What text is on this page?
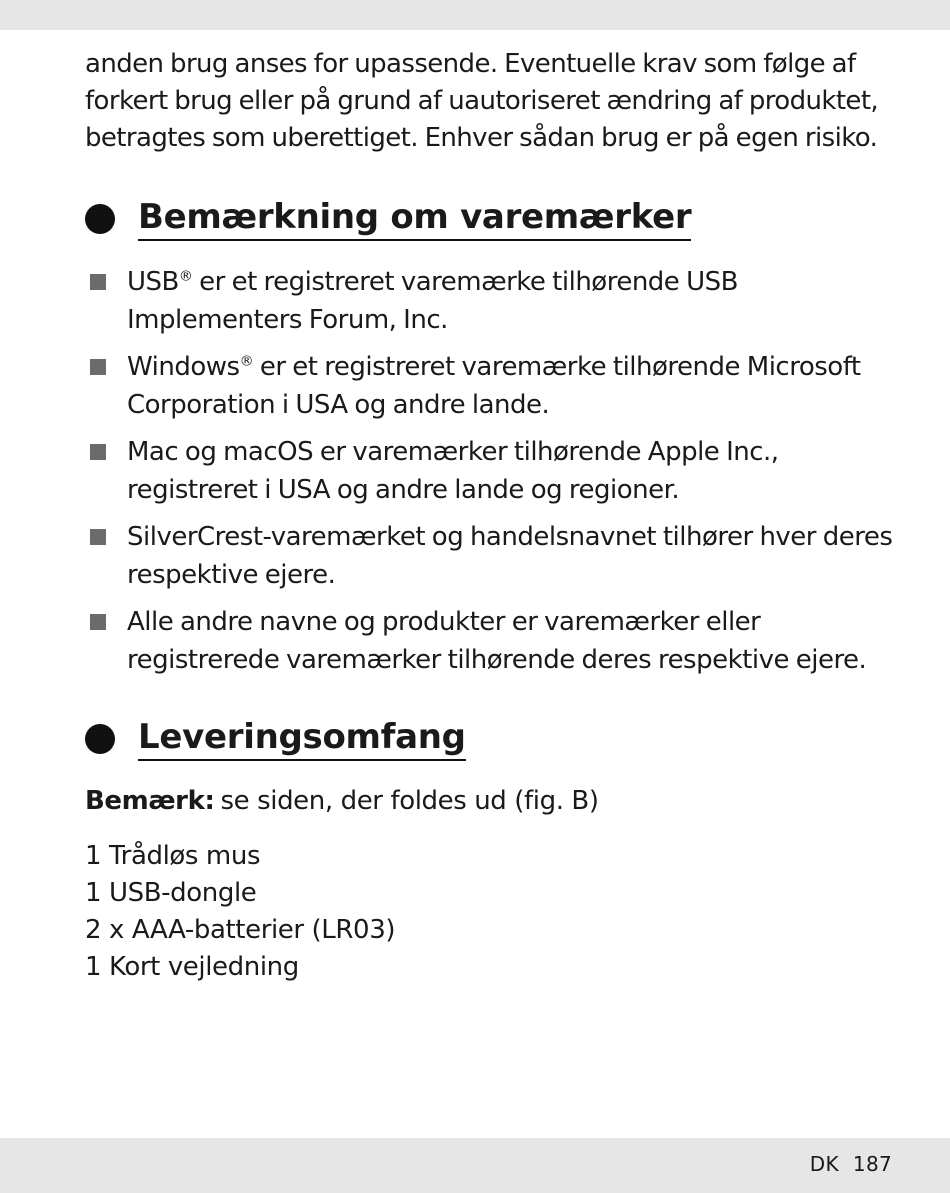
anden brug anses for upassende. Eventuelle krav som følge af
forkert brug eller på grund af uautoriseret ændring af produktet,
betragtes som uberettiget. Enhver sådan brug er på egen risiko.

Bemærkning om varemærker
USB® er et registreret varemærke tilhørende USB
Implementers Forum, Inc.
Windows® er et registreret varemærke tilhørende Microsoft
Corporation i USA og andre lande.
Mac og macOS er varemærker tilhørende Apple Inc.,
registreret i USA og andre lande og regioner.
SilverCrest-varemærket og handelsnavnet tilhører hver deres
respektive ejere.
Alle andre navne og produkter er varemærker eller
registrerede varemærker tilhørende deres respektive ejere.
Leveringsomfang

Bemærk: se siden, der foldes ud (fig. B)

1 Trådløs mus
1 USB-dongle
2 x AAA-batterier (LR03)
1 Kort vejledning
DK 187
